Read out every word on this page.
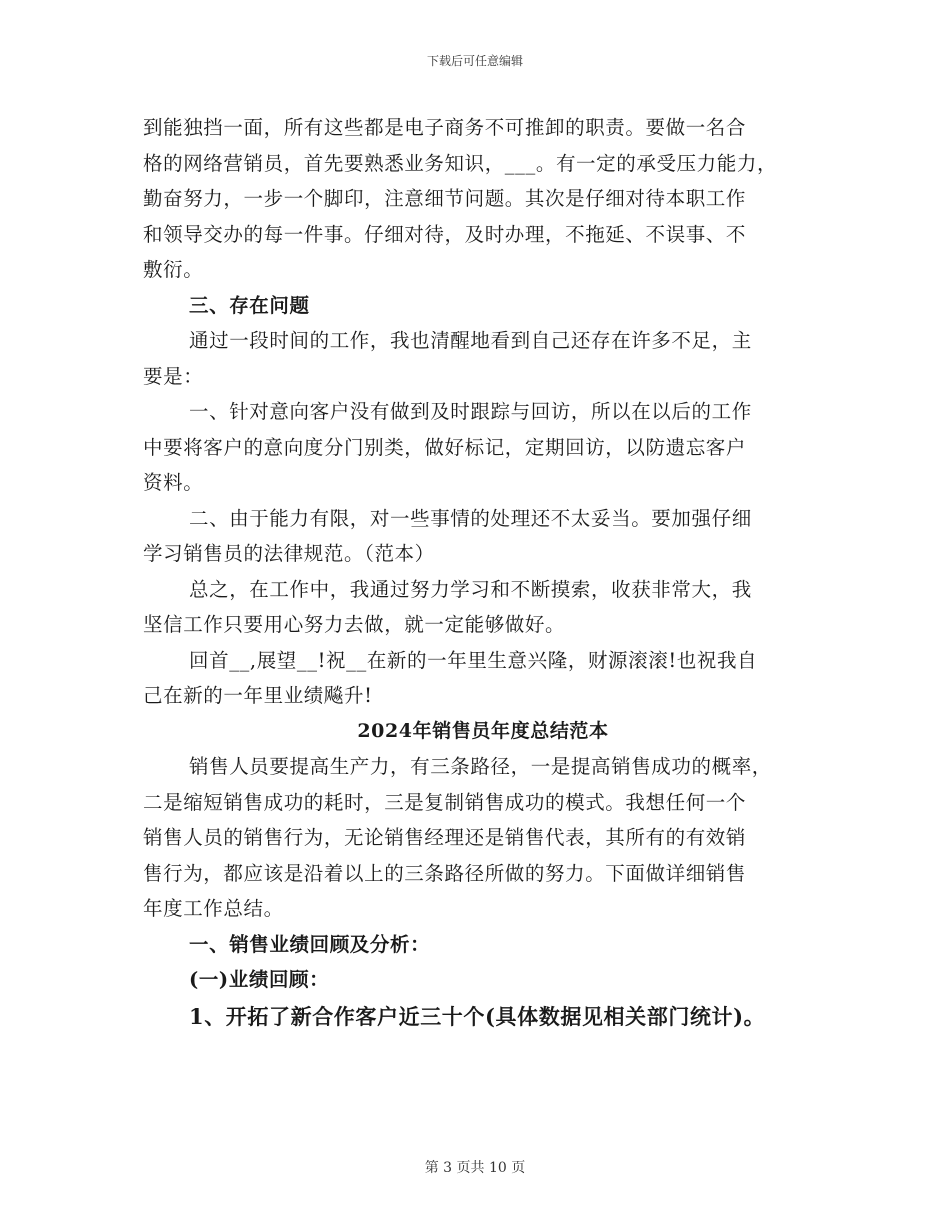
下载后可任意编辑
到能独挡一面，所有这些都是电子商务不可推卸的职责。要做一名合
格的网络营销员，首先要熟悉业务知识，___。有一定的承受压力能力，
勤奋努力，一步一个脚印，注意细节问题。其次是仔细对待本职工作
和领导交办的每一件事。仔细对待，及时办理，不拖延、不误事、不
敷衍。
三、存在问题
通过一段时间的工作，我也清醒地看到自己还存在许多不足，主
要是：
一、针对意向客户没有做到及时跟踪与回访，所以在以后的工作
中要将客户的意向度分门别类，做好标记，定期回访，以防遗忘客户
资料。
二、由于能力有限，对一些事情的处理还不太妥当。要加强仔细
学习销售员的法律规范。（范本）
总之，在工作中，我通过努力学习和不断摸索，收获非常大，我
坚信工作只要用心努力去做，就一定能够做好。
回首__,展望__!祝__在新的一年里生意兴隆，财源滚滚!也祝我自
己在新的一年里业绩飚升!
2024年销售员年度总结范本
销售人员要提高生产力，有三条路径，一是提高销售成功的概率，
二是缩短销售成功的耗时，三是复制销售成功的模式。我想任何一个
销售人员的销售行为，无论销售经理还是销售代表，其所有的有效销
售行为，都应该是沿着以上的三条路径所做的努力。下面做详细销售
年度工作总结。
一、销售业绩回顾及分析：
(一)业绩回顾：
1、开拓了新合作客户近三十个(具体数据见相关部门统计)。
第 3 页共 10 页
